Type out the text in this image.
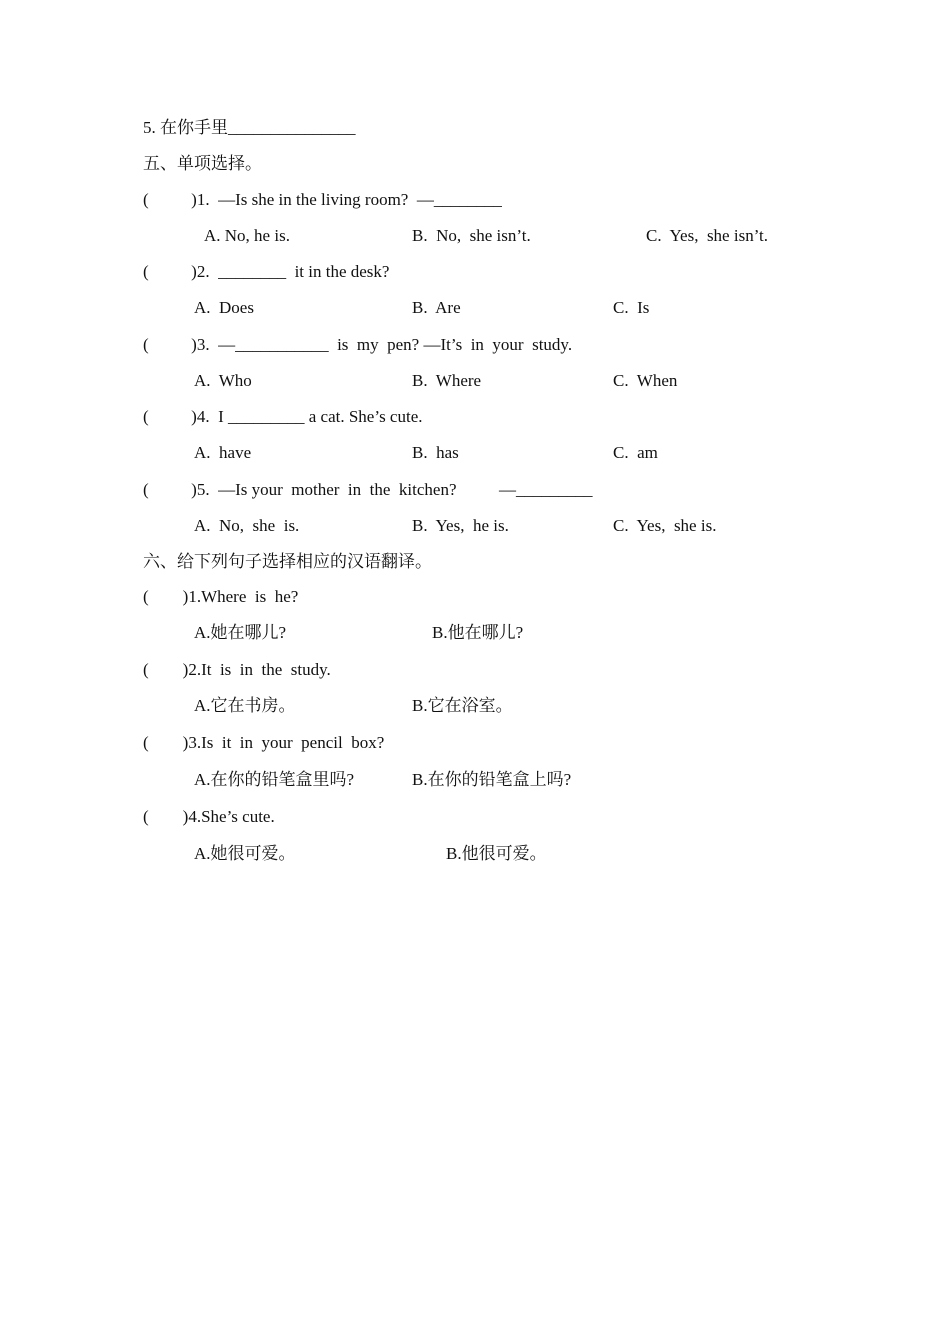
5. 在你手里_______________
五、单项选择。
(          )1.  —Is she in the living room?  —________
A. No, he is.	B.  No,  she isn’t.	C.  Yes,  she isn’t.
(          )2.  ________  it in the desk?
A.  Does	B.  Are	C.  Is
(          )3.  —___________  is  my  pen? —It’s  in  your  study.
A.  Who	B.  Where	C.  When
(          )4.  I _________ a cat. She’s cute.
A.  have	B.  has	C.  am
(          )5.  —Is your  mother  in  the  kitchen?          —_________
A.  No,  she  is.	B.  Yes,  he is.	C.  Yes,  she is.
六、给下列句子选择相应的汉语翻译。
(        )1.Where  is  he?
A.她在哪儿?	B.他在哪儿?
(        )2.It  is  in  the  study.
A.它在书房。	B.它在浴室。
(        )3.Is  it  in  your  pencil  box?
A.在你的铅笔盒里吗?	B.在你的铅笔盒上吗?
(        )4.She’s cute.
A.她很可爱。	B.他很可爱。
